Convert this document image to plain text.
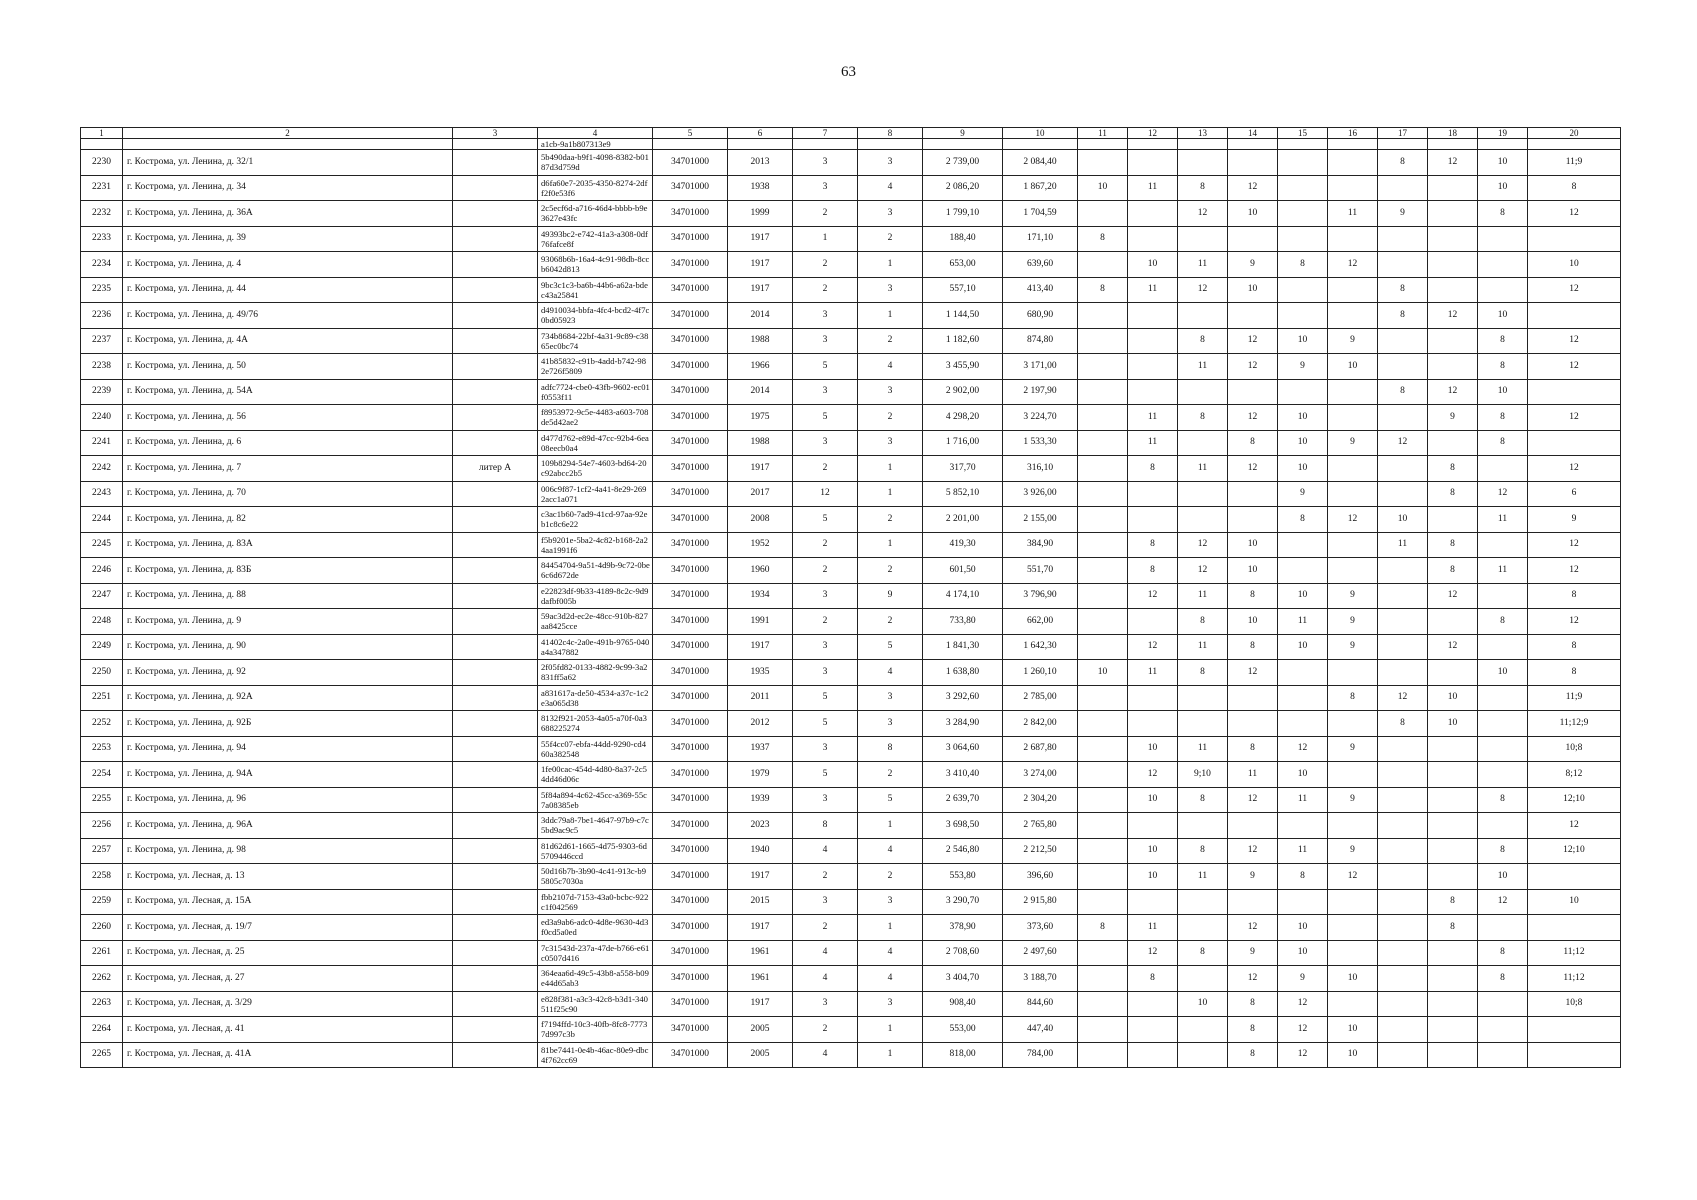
63
1	2	3	4	5	6	7	8	9	10	11	12	13	14	15	16	17	18	19	20
			a1cb-9a1b807313e9																
2230	г. Кострома, ул. Ленина, д. 32/1		5b490daa-b9f1-4098-8382-b0187d3d759d	34701000	2013	3	3	2 739,00	2 084,40							8	12	10	11;9
2231	г. Кострома, ул. Ленина, д. 34		d6fa60e7-2035-4350-8274-2dff2f0e53f6	34701000	1938	3	4	2 086,20	1 867,20	10	11	8	12					10	8
2232	г. Кострома, ул. Ленина, д. 36А		2c5ecf6d-a716-46d4-bbbb-b9e3627e43fc	34701000	1999	2	3	1 799,10	1 704,59			12	10		11	9		8	12
2233	г. Кострома, ул. Ленина, д. 39		49393bc2-e742-41a3-a308-0df76fafce8f	34701000	1917	1	2	188,40	171,10	8									
2234	г. Кострома, ул. Ленина, д. 4		93068b6b-16a4-4c91-98db-8ccb6042d813	34701000	1917	2	1	653,00	639,60		10	11	9	8	12				10
2235	г. Кострома, ул. Ленина, д. 44		9bc3c1c3-ba6b-44b6-a62a-bdec43a25841	34701000	1917	2	3	557,10	413,40	8	11	12	10			8			12
2236	г. Кострома, ул. Ленина, д. 49/76		d4910034-bbfa-4fc4-bcd2-4f7c0bd05923	34701000	2014	3	1	1 144,50	680,90							8	12	10	
2237	г. Кострома, ул. Ленина, д. 4А		734b8684-22bf-4a31-9c89-c3865ec0bc74	34701000	1988	3	2	1 182,60	874,80			8	12	10	9			8	12
2238	г. Кострома, ул. Ленина, д. 50		41b85832-c91b-4add-b742-982e726f5809	34701000	1966	5	4	3 455,90	3 171,00			11	12	9	10			8	12
2239	г. Кострома, ул. Ленина, д. 54А		adfc7724-cbe0-43fb-9602-ec01f0553f11	34701000	2014	3	3	2 902,00	2 197,90							8	12	10	
2240	г. Кострома, ул. Ленина, д. 56		f8953972-9c5e-4483-a603-708de5d42ae2	34701000	1975	5	2	4 298,20	3 224,70		11	8	12	10			9	8	12
2241	г. Кострома, ул. Ленина, д. 6		d477d762-e89d-47cc-92b4-6ea08eecb0a4	34701000	1988	3	3	1 716,00	1 533,30		11		8	10	9	12		8	
2242	г. Кострома, ул. Ленина, д. 7	литер А	109b8294-54e7-4603-bd64-20c92abcc2b5	34701000	1917	2	1	317,70	316,10		8	11	12	10			8		12
2243	г. Кострома, ул. Ленина, д. 70		006c9f87-1cf2-4a41-8e29-2692acc1a071	34701000	2017	12	1	5 852,10	3 926,00					9			8	12	6
2244	г. Кострома, ул. Ленина, д. 82		c3ac1b60-7ad9-41cd-97aa-92eb1c8c6e22	34701000	2008	5	2	2 201,00	2 155,00					8	12	10		11	9
2245	г. Кострома, ул. Ленина, д. 83А		f5b9201e-5ba2-4c82-b168-2a24aa1991f6	34701000	1952	2	1	419,30	384,90		8	12	10			11	8		12
2246	г. Кострома, ул. Ленина, д. 83Б		84454704-9a51-4d9b-9c72-0be6c6d672de	34701000	1960	2	2	601,50	551,70		8	12	10				8	11	12
2247	г. Кострома, ул. Ленина, д. 88		e22823df-9b33-4189-8c2c-9d9dafbf005b	34701000	1934	3	9	4 174,10	3 796,90		12	11	8	10	9		12		8
2248	г. Кострома, ул. Ленина, д. 9		59ac3d2d-ec2e-48cc-910b-827aa8425cce	34701000	1991	2	2	733,80	662,00			8	10	11	9			8	12
2249	г. Кострома, ул. Ленина, д. 90		41402c4c-2a0e-491b-9765-040a4a347882	34701000	1917	3	5	1 841,30	1 642,30		12	11	8	10	9		12		8
2250	г. Кострома, ул. Ленина, д. 92		2f05fd82-0133-4882-9c99-3a2831ff5a62	34701000	1935	3	4	1 638,80	1 260,10	10	11	8	12					10	8
2251	г. Кострома, ул. Ленина, д. 92А		a831617a-de50-4534-a37c-1c2e3a065d38	34701000	2011	5	3	3 292,60	2 785,00						8	12	10		11;9
2252	г. Кострома, ул. Ленина, д. 92Б		8132f921-2053-4a05-a70f-0a3688225274	34701000	2012	5	3	3 284,90	2 842,00							8	10		11;12;9
2253	г. Кострома, ул. Ленина, д. 94		55f4cc07-ebfa-44dd-9290-cd460a382548	34701000	1937	3	8	3 064,60	2 687,80		10	11	8	12	9				10;8
2254	г. Кострома, ул. Ленина, д. 94А		1fe00cac-454d-4d80-8a37-2c54dd46d06c	34701000	1979	5	2	3 410,40	3 274,00		12	9;10	11	10					8;12
2255	г. Кострома, ул. Ленина, д. 96		5f84a894-4c62-45cc-a369-55c7a08385eb	34701000	1939	3	5	2 639,70	2 304,20		10	8	12	11	9			8	12;10
2256	г. Кострома, ул. Ленина, д. 96А		3ddc79a8-7be1-4647-97b9-c7c5bd9ac9c5	34701000	2023	8	1	3 698,50	2 765,80										12
2257	г. Кострома, ул. Ленина, д. 98		81d62d61-1665-4d75-9303-6d5709446ccd	34701000	1940	4	4	2 546,80	2 212,50		10	8	12	11	9			8	12;10
2258	г. Кострома, ул. Лесная, д. 13		50d16b7b-3b90-4c41-913c-b95805c7030a	34701000	1917	2	2	553,80	396,60		10	11	9	8	12			10	
2259	г. Кострома, ул. Лесная, д. 15А		fbb2107d-7153-43a0-bcbc-922c1f042569	34701000	2015	3	3	3 290,70	2 915,80								8	12	10
2260	г. Кострома, ул. Лесная, д. 19/7		ed3a9ab6-adc0-4d8e-9630-4d3f0cd5a0ed	34701000	1917	2	1	378,90	373,60	8	11		12	10			8		
2261	г. Кострома, ул. Лесная, д. 25		7c31543d-237a-47de-b766-e61c0507d416	34701000	1961	4	4	2 708,60	2 497,60		12	8	9	10				8	11;12
2262	г. Кострома, ул. Лесная, д. 27		364eaa6d-49c5-43b8-a558-b09e44d65ab3	34701000	1961	4	4	3 404,70	3 188,70		8		12	9	10			8	11;12
2263	г. Кострома, ул. Лесная, д. 3/29		e828f381-a3c3-42c8-b3d1-340511f25c90	34701000	1917	3	3	908,40	844,60			10	8	12					10;8
2264	г. Кострома, ул. Лесная, д. 41		f7194ffd-10c3-40fb-8fc8-77737d997c3b	34701000	2005	2	1	553,00	447,40				8	12	10				
2265	г. Кострома, ул. Лесная, д. 41А		81be7441-0e4b-46ac-80e9-dbc4f762cc69	34701000	2005	4	1	818,00	784,00				8	12	10				
